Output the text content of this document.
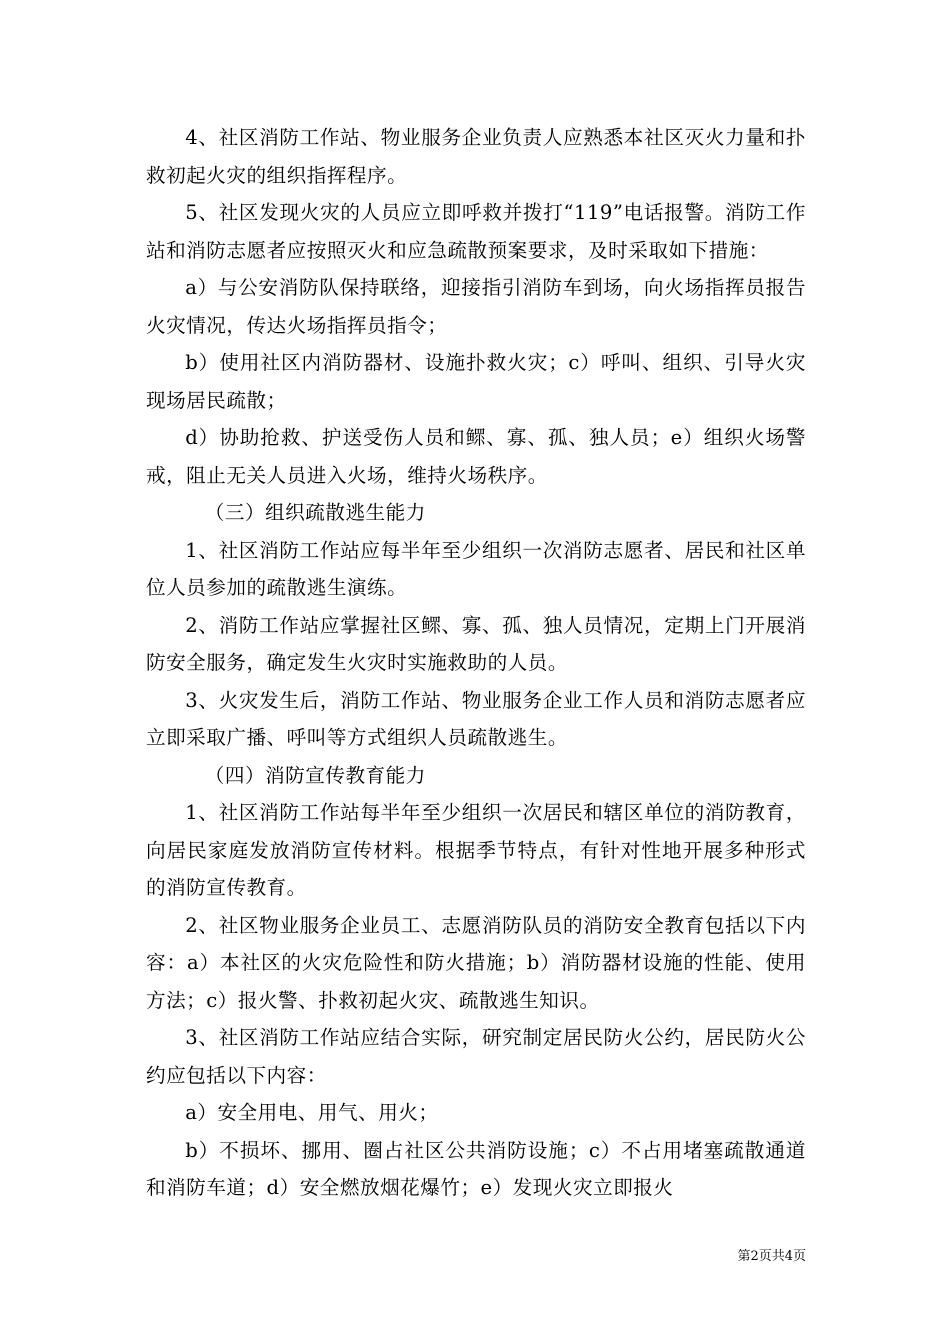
4、社区消防工作站、物业服务企业负责人应熟悉本社区灭火力量和扑救初起火灾的组织指挥程序。

5、社区发现火灾的人员应立即呼救并拨打“119”电话报警。消防工作站和消防志愿者应按照灭火和应急疏散预案要求，及时采取如下措施：

a）与公安消防队保持联络，迎接指引消防车到场，向火场指挥员报告火灾情况，传达火场指挥员指令；

b）使用社区内消防器材、设施扑救火灾；c）呼叫、组织、引导火灾现场居民疏散；

d）协助抢救、护送受伤人员和鳏、寡、孤、独人员；e）组织火场警戒，阻止无关人员进入火场，维持火场秩序。

（三）组织疏散逃生能力

1、社区消防工作站应每半年至少组织一次消防志愿者、居民和社区单位人员参加的疏散逃生演练。

2、消防工作站应掌握社区鳏、寡、孤、独人员情况，定期上门开展消防安全服务，确定发生火灾时实施救助的人员。

3、火灾发生后，消防工作站、物业服务企业工作人员和消防志愿者应立即采取广播、呼叫等方式组织人员疏散逃生。

（四）消防宣传教育能力

1、社区消防工作站每半年至少组织一次居民和辖区单位的消防教育，向居民家庭发放消防宣传材料。根据季节特点，有针对性地开展多种形式的消防宣传教育。

2、社区物业服务企业员工、志愿消防队员的消防安全教育包括以下内容：a）本社区的火灾危险性和防火措施；b）消防器材设施的性能、使用方法；c）报火警、扑救初起火灾、疏散逃生知识。

3、社区消防工作站应结合实际，研究制定居民防火公约，居民防火公约应包括以下内容：

a）安全用电、用气、用火；

b）不损坏、挪用、圈占社区公共消防设施；c）不占用堵塞疏散通道和消防车道；d）安全燃放烟花爆竹；e）发现火灾立即报火

第2页共4页
